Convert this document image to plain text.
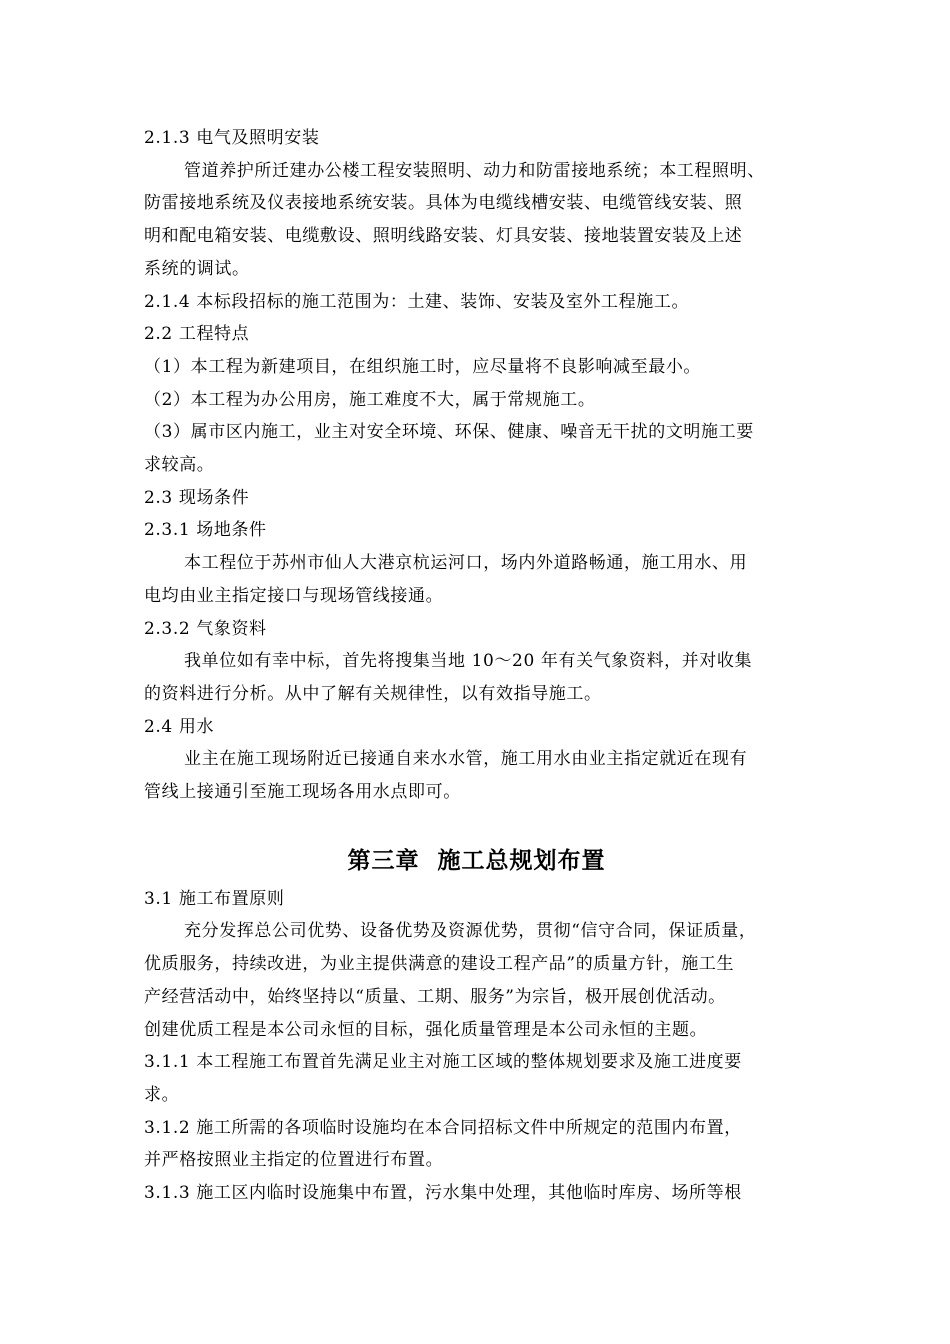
2.1.3 电气及照明安装
管道养护所迁建办公楼工程安装照明、动力和防雷接地系统；本工程照明、
防雷接地系统及仪表接地系统安装。具体为电缆线槽安装、电缆管线安装、照
明和配电箱安装、电缆敷设、照明线路安装、灯具安装、接地装置安装及上述
系统的调试。
2.1.4 本标段招标的施工范围为：土建、装饰、安装及室外工程施工。
2.2 工程特点
（1）本工程为新建项目，在组织施工时，应尽量将不良影响减至最小。
（2）本工程为办公用房，施工难度不大，属于常规施工。
（3）属市区内施工，业主对安全环境、环保、健康、噪音无干扰的文明施工要
求较高。
2.3 现场条件
2.3.1 场地条件
本工程位于苏州市仙人大港京杭运河口，场内外道路畅通，施工用水、用
电均由业主指定接口与现场管线接通。
2.3.2 气象资料
我单位如有幸中标，首先将搜集当地 10～20 年有关气象资料，并对收集
的资料进行分析。从中了解有关规律性，以有效指导施工。
2.4 用水
业主在施工现场附近已接通自来水水管，施工用水由业主指定就近在现有
管线上接通引至施工现场各用水点即可。
第三章  施工总规划布置
3.1 施工布置原则
充分发挥总公司优势、设备优势及资源优势，贯彻“信守合同，保证质量，
优质服务，持续改进，为业主提供满意的建设工程产品”的质量方针，施工生
产经营活动中，始终坚持以“质量、工期、服务”为宗旨，极开展创优活动。
创建优质工程是本公司永恒的目标，强化质量管理是本公司永恒的主题。
3.1.1 本工程施工布置首先满足业主对施工区域的整体规划要求及施工进度要
求。
3.1.2 施工所需的各项临时设施均在本合同招标文件中所规定的范围内布置，
并严格按照业主指定的位置进行布置。
3.1.3 施工区内临时设施集中布置，污水集中处理，其他临时库房、场所等根
